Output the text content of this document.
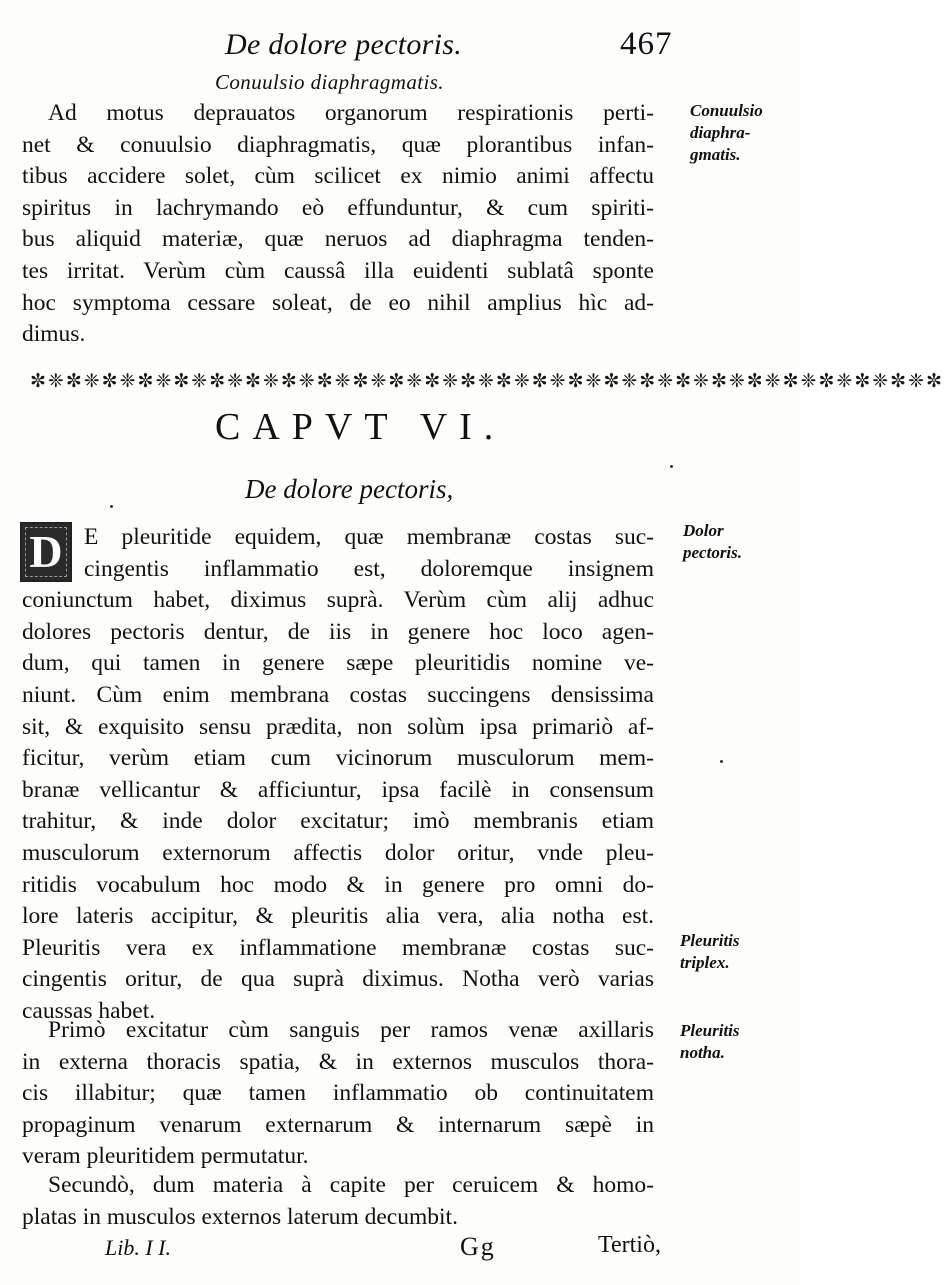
De dolore pectoris.	467
Conuulsio diaphragmatis.
Ad motus deprauatos organorum respirationis perti-
net & conuulsio diaphragmatis, quæ plorantibus infan-
tibus accidere solet, cùm scilicet ex nimio animi affectu
spiritus in lachrymando eò effunduntur, & cum spiriti-
bus aliquid materiæ, quæ neruos ad diaphragma tenden-
tes irritat. Verùm cùm caussâ illa euidenti sublatâ sponte
hoc symptoma cessare soleat, de eo nihil amplius hìc ad-
dimus.
Conuulsio
diaphra-
gmatis.
✼❈✼❈✼❈✼❈✼❈✼❈✼❈✼❈✼❈✼❈✼❈✼❈✼❈✼❈✼❈✼❈✼❈✼❈✼❈✼❈✼❈✼❈✼❈✼❈✼❈✼
CAPVT VI.
De dolore pectoris,
D	Dolor
pectoris.
E pleuritide equidem, quæ membranæ costas suc-
cingentis inflammatio est, doloremque insignem
coniunctum habet, diximus suprà. Verùm cùm alij adhuc
dolores pectoris dentur, de iis in genere hoc loco agen-
dum, qui tamen in genere sæpe pleuritidis nomine ve-
niunt. Cùm enim membrana costas succingens densissima
sit, & exquisito sensu prædita, non solùm ipsa primariò af-
ficitur, verùm etiam cum vicinorum musculorum mem-
branæ vellicantur & afficiuntur, ipsa facilè in consensum
trahitur, & inde dolor excitatur; imò membranis etiam
musculorum externorum affectis dolor oritur, vnde pleu-
ritidis vocabulum hoc modo & in genere pro omni do-
lore lateris accipitur, & pleuritis alia vera, alia notha est.
Pleuritis vera ex inflammatione membranæ costas suc-
cingentis oritur, de qua suprà diximus. Notha verò varias
caussas habet.
Pleuritis
triplex.
Pleuritis
notha.
Primò excitatur cùm sanguis per ramos venæ axillaris
in externa thoracis spatia, & in externos musculos thora-
cis illabitur; quæ tamen inflammatio ob continuitatem
propaginum venarum externarum & internarum sæpè in
veram pleuritidem permutatur.
Secundò, dum materia à capite per ceruicem & homo-
platas in musculos externos laterum decumbit.
Lib. I I.	Gg	Tertiò,
